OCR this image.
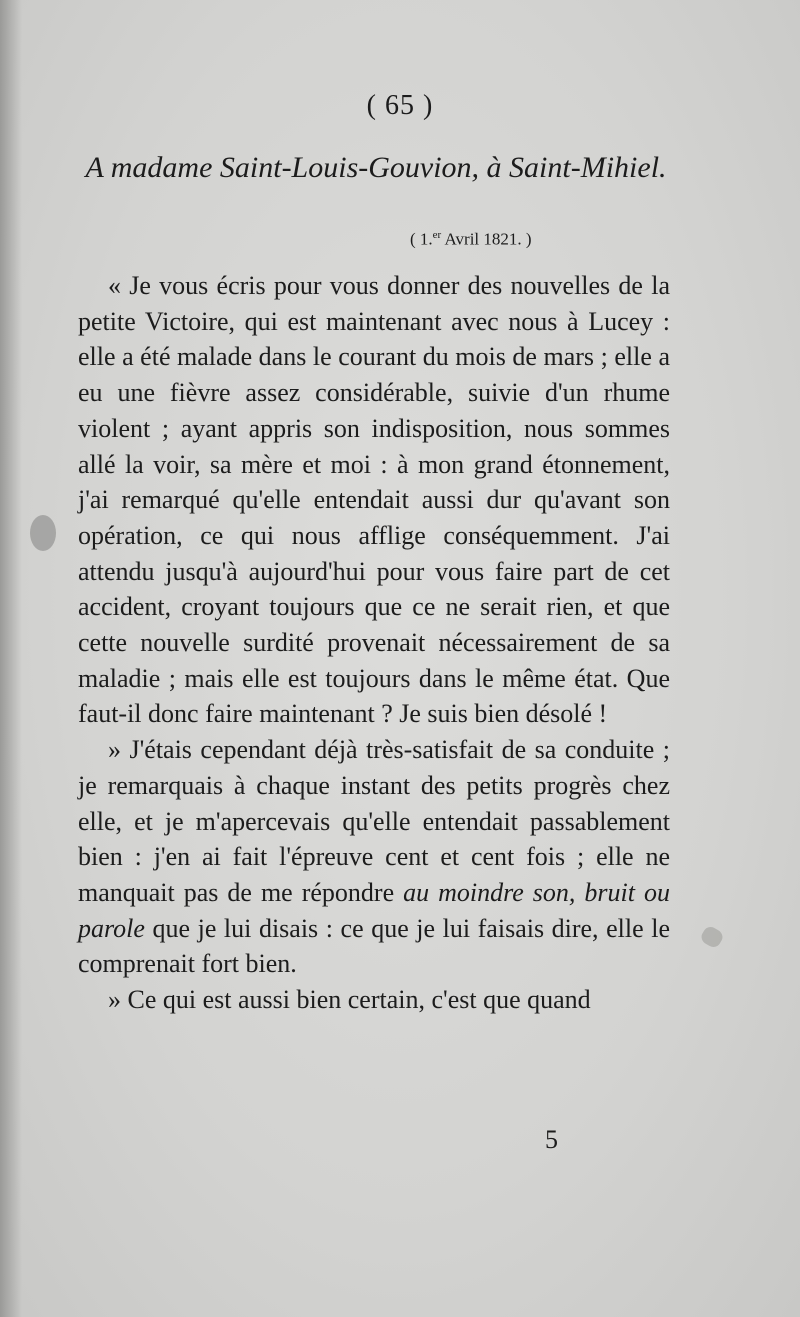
( 65 )
A madame Saint-Louis-Gouvion, à Saint-Mihiel.
( 1.$^{er}$ Avril 1821. )

« Je vous écris pour vous donner des nouvelles de la petite Victoire, qui est maintenant avec nous à Lucey : elle a été malade dans le courant du mois de mars ; elle a eu une fièvre assez considérable, suivie d'un rhume violent ; ayant appris son indisposition, nous sommes allé la voir, sa mère et moi : à mon grand étonnement, j'ai remarqué qu'elle entendait aussi dur qu'avant son opération, ce qui nous afflige conséquemment. J'ai attendu jusqu'à aujourd'hui pour vous faire part de cet accident, croyant toujours que ce ne serait rien, et que cette nouvelle surdité provenait nécessairement de sa maladie ; mais elle est toujours dans le même état. Que faut-il donc faire maintenant ? Je suis bien désolé !

» J'étais cependant déjà très-satisfait de sa conduite ; je remarquais à chaque instant des petits progrès chez elle, et je m'apercevais qu'elle entendait passablement bien : j'en ai fait l'épreuve cent et cent fois ; elle ne manquait pas de me répondre au moindre son, bruit ou parole que je lui disais : ce que je lui faisais dire, elle le comprenait fort bien.

» Ce qui est aussi bien certain, c'est que quand

5
